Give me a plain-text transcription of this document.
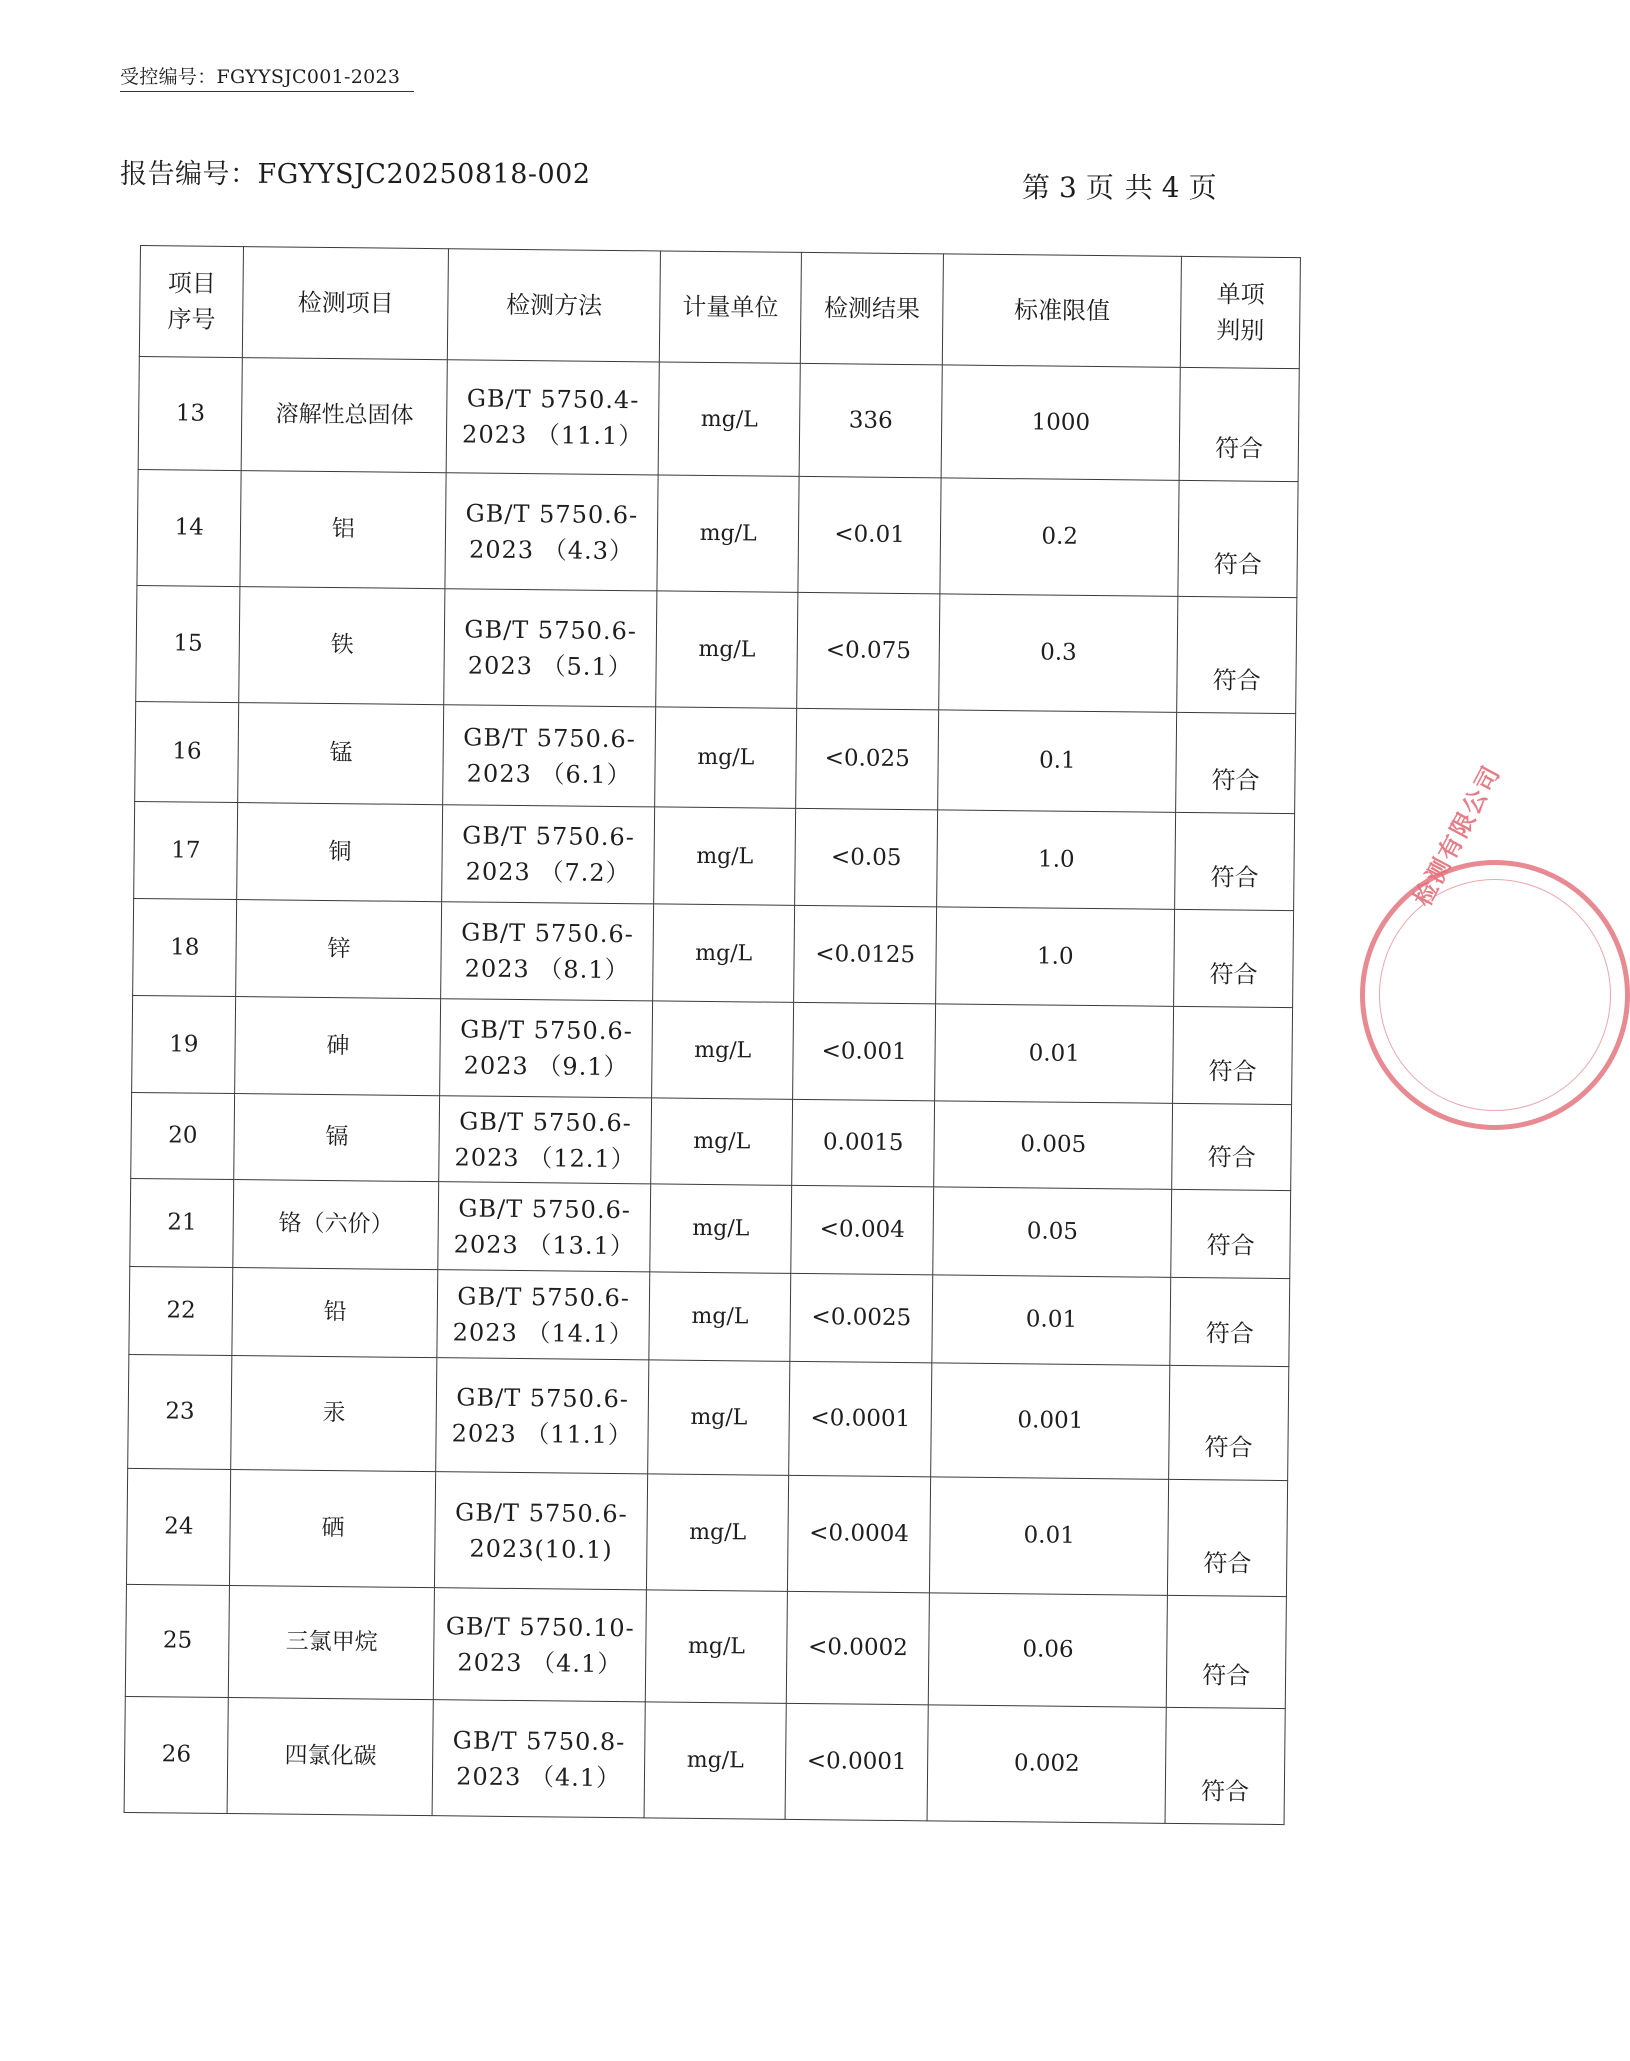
受控编号：FGYYSJC001-2023
报告编号：FGYYSJC20250818-002	第 3 页 共 4 页
项目
序号	检测项目	检测方法	计量单位	检测结果	标准限值	单项
判别
13	溶解性总固体	GB/T 5750.4-
2023 （11.1）	mg/L	336	1000	符合
14	铝	GB/T 5750.6-
2023 （4.3）	mg/L	<0.01	0.2	符合
15	铁	GB/T 5750.6-
2023 （5.1）	mg/L	<0.075	0.3	符合
16	锰	GB/T 5750.6-
2023 （6.1）	mg/L	<0.025	0.1	符合
17	铜	GB/T 5750.6-
2023 （7.2）	mg/L	<0.05	1.0	符合
18	锌	GB/T 5750.6-
2023 （8.1）	mg/L	<0.0125	1.0	符合
19	砷	GB/T 5750.6-
2023 （9.1）	mg/L	<0.001	0.01	符合
20	镉	GB/T 5750.6-
2023 （12.1）	mg/L	0.0015	0.005	符合
21	铬（六价）	GB/T 5750.6-
2023 （13.1）	mg/L	<0.004	0.05	符合
22	铅	GB/T 5750.6-
2023 （14.1）	mg/L	<0.0025	0.01	符合
23	汞	GB/T 5750.6-
2023 （11.1）	mg/L	<0.0001	0.001	符合
24	硒	GB/T 5750.6-
2023(10.1)	mg/L	<0.0004	0.01	符合
25	三氯甲烷	GB/T 5750.10-
2023 （4.1）	mg/L	<0.0002	0.06	符合
26	四氯化碳	GB/T 5750.8-
2023 （4.1）	mg/L	<0.0001	0.002	符合
检测有限公司
